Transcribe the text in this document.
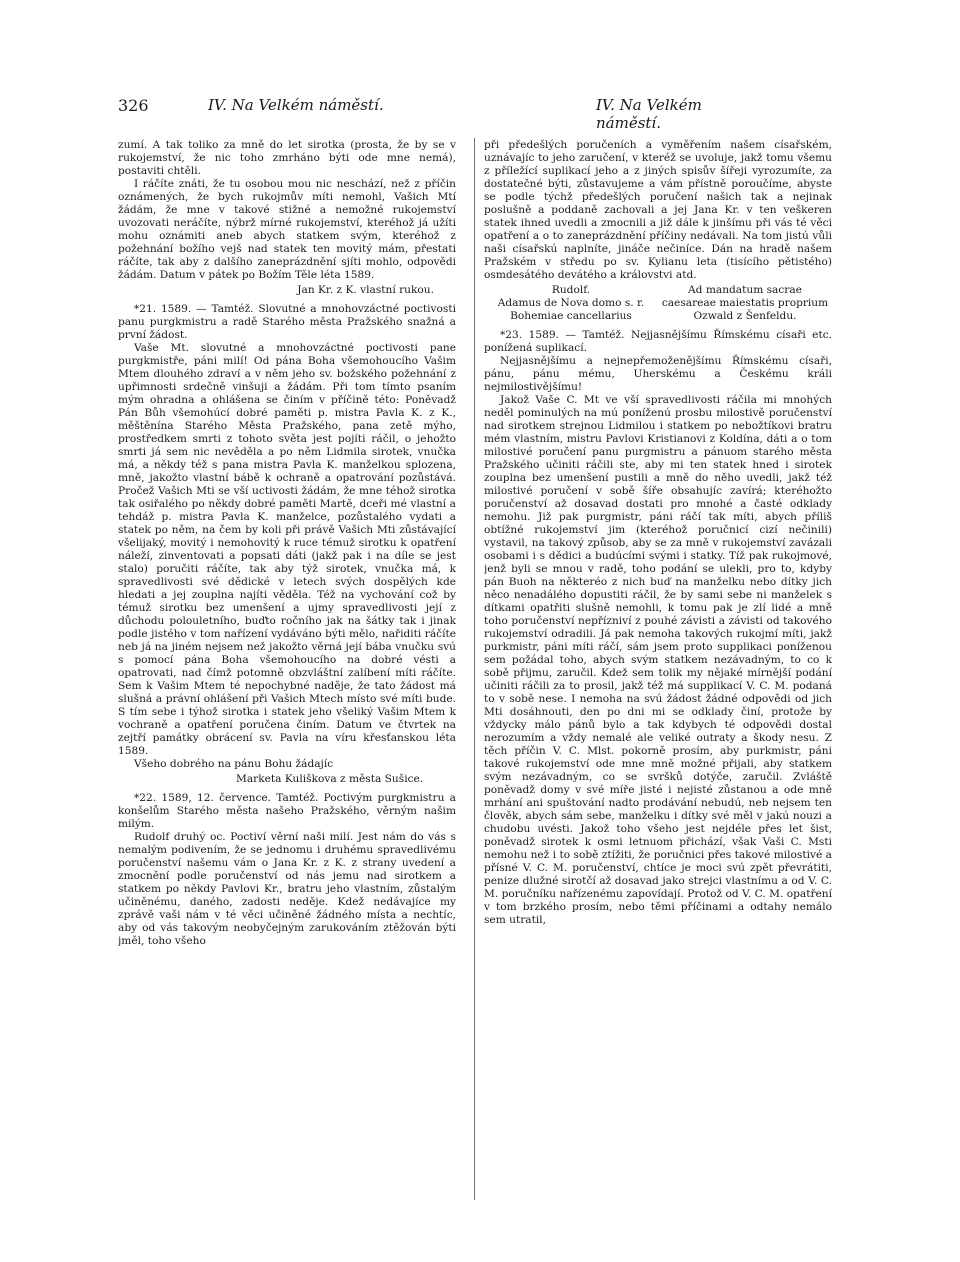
326	IV. Na Velkém náměstí.	IV. Na Velkém náměstí.

zumí. A tak toliko za mně do let sirotka (prosta, že by se v rukojemství, že nic toho zmrháno býti ode mne nemá), postaviti chtěli.

I ráčíte znáti, že tu osobou mou nic neschází, než z příčin oznámených, že bych rukojmův míti nemohl, Vašich Mtí žádám, že mne v takové stižné a nemožné rukojemství uvozovati neráčíte, nýbrž mírné rukojemství, kteréhož já užíti mohu oznámiti aneb abych statkem svým, kteréhož z požehnání božího vejš nad statek ten movitý mám, přestati ráčíte, tak aby z dalšího zaneprázdnění sjíti mohlo, odpovědi žádám. Datum v pátek po Božím Těle léta 1589.

Jan Kr. z K. vlastní rukou.

*21. 1589. — Tamtéž. Slovutné a mnohovzáctné poctivosti panu purgkmistru a radě Starého města Pražského snažná a první žádost.

Vaše Mt. slovutné a mnohovzáctné poctivosti pane purgkmistře, páni milí! Od pána Boha všemohoucího Vašim Mtem dlouhého zdraví a v něm jeho sv. božského požehnání z upřimnosti srdečně vinšuji a žádám. Při tom tímto psaním mým ohradna a ohlášena se činím v příčině této: Poněvadž Pán Bůh všemohúcí dobré paměti p. mistra Pavla K. z K., měštěnína Starého Města Pražského, pana zetě mýho, prostředkem smrti z tohoto světa jest pojíti ráčil, o jehožto smrti já sem nic nevěděla a po něm Lidmila sirotek, vnučka má, a někdy též s pana mistra Pavla K. manželkou splozena, mně, jakožto vlastní bábě k ochraně a opatrování pozůstává. Pročež Vašich Mti se vší uctivosti žádám, že mne téhož sirotka tak osiřalého po někdy dobré paměti Martě, dceři mé vlastní a tehdáž p. mistra Pavla K. manželce, pozůstalého vydati a statek po něm, na čem by koli při právě Vašich Mti zůstávající všelijaký, movitý i nemohovitý k ruce témuž sirotku k opatření náleží, zinventovati a popsati dáti (jakž pak i na díle se jest stalo) poručiti ráčíte, tak aby týž sirotek, vnučka má, k spravedlivosti své dědické v letech svých dospělých kde hledati a jej zouplna najíti věděla. Též na vychování což by témuž sirotku bez umenšení a ujmy spravedlivosti její z důchodu polouletního, buďto ročního jak na šátky tak i jinak podle jistého v tom nařízení vydáváno býti mělo, nařiditi ráčíte neb já na jiném nejsem než jakožto věrná její bába vnučku svú s pomocí pána Boha všemohoucího na dobré vésti a opatrovati, nad čímž potomně obzvláštní zalíbení míti ráčíte. Sem k Vašim Mtem té nepochybné naděje, že tato žádost má slušná a právní ohlášení při Vašich Mtech místo své míti bude. S tím sebe i týhož sirotka i statek jeho všeliký Vašim Mtem k vochraně a opatření poručena činím. Datum ve čtvrtek na zejtří památky obrácení sv. Pavla na víru křesťanskou léta 1589.

Všeho dobrého na pánu Bohu žádajíc

Marketa Kuliškova z města Sušice.

*22. 1589, 12. července. Tamtéž. Poctivým purgkmistru a konšelům Starého města našeho Pražského, věrným našim milým.

Rudolf druhý oc. Poctiví věrní naši milí. Jest nám do vás s nemalým podivením, že se jednomu i druhému spravedlivému poručenství našemu vám o Jana Kr. z K. z strany uvedení a zmocnění podle poručenství od nás jemu nad sirotkem a statkem po někdy Pavlovi Kr., bratru jeho vlastním, zůstalým učiněnému, daného, zadosti neděje. Kdež nedávajíce my zprávě vaši nám v té věci učiněné žádného místa a nechtíc, aby od vás takovým neobyčejným zarukováním ztěžován býti jměl, toho všeho

při předešlých poručeních a vyměřením našem císařském, uznávajíc to jeho zaručení, v kteréž se uvoluje, jakž tomu všemu z příležící suplikací jeho a z jiných spisův šířeji vyrozumíte, za dostatečné býti, zůstavujeme a vám přístně poroučíme, abyste se podle týchž předešlých poručení našich tak a nejinak poslušně a poddaně zachovali a jej Jana Kr. v ten veškeren statek ihned uvedli a zmocnili a již dále k jinšímu při vás té věci opatření a o to zaneprázdnění příčiny nedávali. Na tom jistú vůli naši císařskú naplníte, jináče nečiníce. Dán na hradě našem Pražském v středu po sv. Kylianu leta (tisícího pětistého) osmdesátého devátého a královstvi atd.

Rudolf.	Ad mandatum sacrae
Adamus de Nova domo s. r.	caesareae maiestatis proprium
Bohemiae cancellarius	Ozwald z Šenfeldu.

*23. 1589. — Tamtéž. Nejjasnějšímu Římskému císaři etc. ponížená suplikací.

Nejjasnějšímu a nejnepřemoženějšímu Římskému císaři, pánu, pánu mému, Uherskému a Českému králi nejmilostivějšímu!

Jakož Vaše C. Mt ve vší spravedlivosti ráčila mi mnohých neděl pominulých na mú poníženú prosbu milostivě poručenství nad sirotkem strejnou Lidmilou i statkem po nebožtíkovi bratru mém vlastním, mistru Pavlovi Kristianovi z Koldína, dáti a o tom milostivé poručení panu purgmistru a pánuom starého města Pražského učiniti ráčili ste, aby mi ten statek hned i sirotek zouplna bez umenšení pustili a mně do něho uvedli, jakž též milostivé poručení v sobě šíře obsahujíc zavírá; kteréhožto poručenství až dosavad dostati pro mnohé a časté odklady nemohu. Již pak purgmistr, páni ráčí tak míti, abych příliš obtížné rukojemství jim (kteréhož poručnicí cizí nečinili) vystavil, na takový způsob, aby se za mně v rukojemství zavázali osobami i s dědici a budúcími svými i statky. Tíž pak rukojmové, jenž byli se mnou v radě, toho podání se ulekli, pro to, kdyby pán Buoh na některéo z nich buď na manželku nebo dítky jich něco nenadálého dopustiti ráčil, že by sami sebe ni manželek s dítkami opatřiti slušně nemohli, k tomu pak je zlí lidé a mně toho poručenství nepřízniví z pouhé závisti a závisti od takového rukojemství odradili. Já pak nemoha takových rukojmí míti, jakž purkmistr, páni míti ráčí, sám jsem proto supplikaci poníženou sem požádal toho, abych svým statkem nezávadným, to co k sobě přijmu, zaručil. Kdež sem tolik my nějaké mírnější podání učiniti ráčili za to prosil, jakž též má supplikací V. C. M. podaná to v sobě nese. I nemoha na svú žádost žádné odpovědi od jich Mti dosáhnouti, den po dni mi se odklady činí, protože by vždycky málo pánů bylo a tak kdybych té odpovědi dostal nerozumím a vždy nemalé ale veliké outraty a škody nesu. Z těch příčin V. C. Mlst. pokorně prosím, aby purkmistr, páni takové rukojemství ode mne mně možné přijali, aby statkem svým nezávadným, co se svršků dotýče, zaručil. Zvláště poněvadž domy v své míře jisté i nejisté zůstanou a ode mně mrhání ani spuštování nadto prodávání nebudú, neb nejsem ten člověk, abych sám sebe, manželku i dítky své měl v jakú nouzi a chudobu uvésti. Jakož toho všeho jest nejdéle přes let šist, poněvadž sirotek k osmi letnuom přichází, však Vaši C. Msti nemohu než i to sobě ztížiti, že poručnici přes takové milostivé a přísné V. C. M. poručenství, chtíce je moci svú zpět převrátiti, penize dlužné sirotčí až dosavad jako strejci vlastnímu a od V. C. M. poručníku nařízenému zapovídají. Protož od V. C. M. opatření v tom brzkého prosím, nebo těmi příčinami a odtahy nemálo sem utratil,
